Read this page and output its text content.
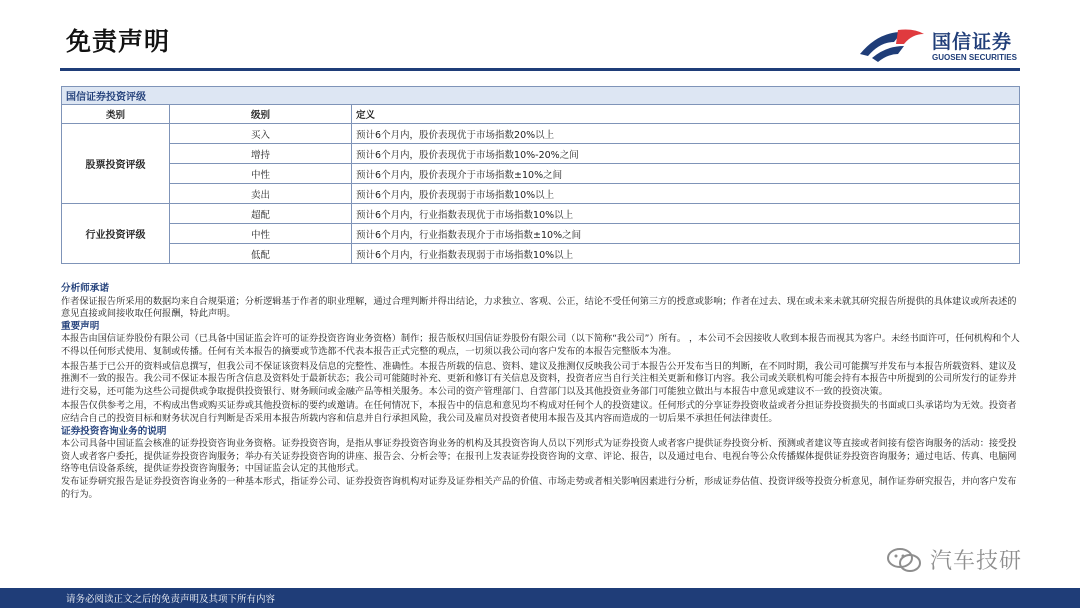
免责声明	国信证券
GUOSEN SECURITIES
国信证券投资评级		
类别	级别	定义
股票投资评级	买入	预计6个月内，股价表现优于市场指数20%以上
	增持	预计6个月内，股价表现优于市场指数10%-20%之间
	中性	预计6个月内，股价表现介于市场指数±10%之间
	卖出	预计6个月内，股价表现弱于市场指数10%以上
行业投资评级	超配	预计6个月内，行业指数表现优于市场指数10%以上
	中性	预计6个月内，行业指数表现介于市场指数±10%之间
	低配	预计6个月内，行业指数表现弱于市场指数10%以上
分析师承诺

作者保证报告所采用的数据均来自合规渠道；分析逻辑基于作者的职业理解，通过合理判断并得出结论，力求独立、客观、公正，结论不受任何第三方的授意或影响；作者在过去、现在或未来未就其研究报告所提供的具体建议或所表述的意见直接或间接收取任何报酬，特此声明。

重要声明

本报告由国信证券股份有限公司（已具备中国证监会许可的证券投资咨询业务资格）制作；报告版权归国信证券股份有限公司（以下简称“我公司”）所有。 ，本公司不会因接收人收到本报告而视其为客户。未经书面许可，任何机构和个人不得以任何形式使用、复制或传播。任何有关本报告的摘要或节选都不代表本报告正式完整的观点，一切须以我公司向客户发布的本报告完整版本为准。

本报告基于已公开的资料或信息撰写，但我公司不保证该资料及信息的完整性、准确性。本报告所载的信息、资料、建议及推测仅反映我公司于本报告公开发布当日的判断，在不同时期，我公司可能撰写并发布与本报告所载资料、建议及推测不一致的报告。我公司不保证本报告所含信息及资料处于最新状态；我公司可能随时补充、更新和修订有关信息及资料，投资者应当自行关注相关更新和修订内容。我公司或关联机构可能会持有本报告中所提到的公司所发行的证券并进行交易，还可能为这些公司提供或争取提供投资银行、财务顾问或金融产品等相关服务。本公司的资产管理部门、自营部门以及其他投资业务部门可能独立做出与本报告中意见或建议不一致的投资决策。

本报告仅供参考之用，不构成出售或购买证券或其他投资标的要约或邀请。在任何情况下，本报告中的信息和意见均不构成对任何个人的投资建议。任何形式的分享证券投资收益或者分担证券投资损失的书面或口头承诺均为无效。投资者应结合自己的投资目标和财务状况自行判断是否采用本报告所载内容和信息并自行承担风险，我公司及雇员对投资者使用本报告及其内容而造成的一切后果不承担任何法律责任。

证券投资咨询业务的说明

本公司具备中国证监会核准的证券投资咨询业务资格。证券投资咨询，是指从事证券投资咨询业务的机构及其投资咨询人员以下列形式为证券投资人或者客户提供证券投资分析、预测或者建议等直接或者间接有偿咨询服务的活动：接受投资人或者客户委托，提供证券投资咨询服务；举办有关证券投资咨询的讲座、报告会、分析会等；在报刊上发表证券投资咨询的文章、评论、报告，以及通过电台、电视台等公众传播媒体提供证券投资咨询服务；通过电话、传真、电脑网络等电信设备系统，提供证券投资咨询服务；中国证监会认定的其他形式。

发布证券研究报告是证券投资咨询业务的一种基本形式，指证券公司、证券投资咨询机构对证券及证券相关产品的价值、市场走势或者相关影响因素进行分析，形成证券估值、投资评级等投资分析意见，制作证券研究报告，并向客户发布的行为。

汽车技研
请务必阅读正文之后的免责声明及其项下所有内容
